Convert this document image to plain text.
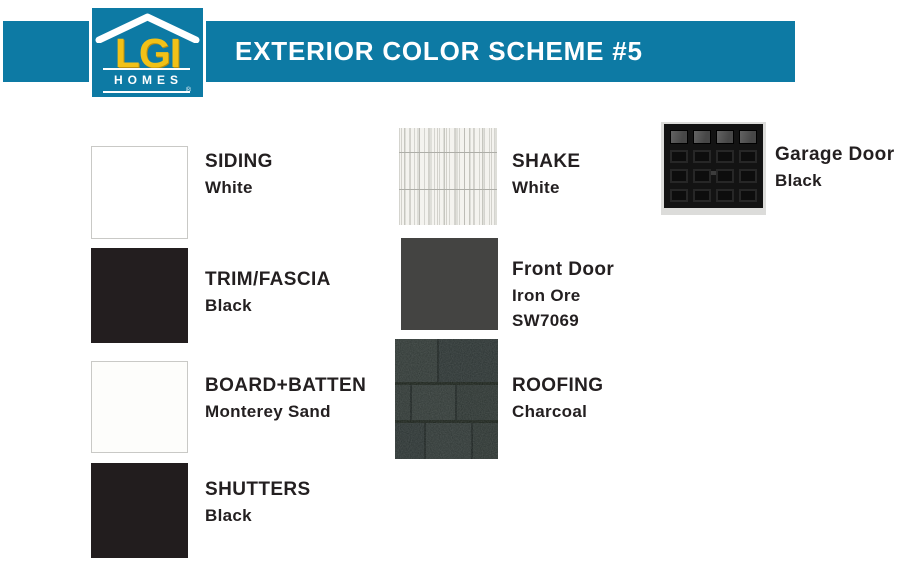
EXTERIOR COLOR SCHEME #5
LGI
HOMES
®
SIDING
White
TRIM/FASCIA
Black
BOARD+BATTEN
Monterey Sand
SHUTTERS
Black
SHAKE
White
Front Door
Iron Ore
SW7069
ROOFING
Charcoal
Garage Door
Black
